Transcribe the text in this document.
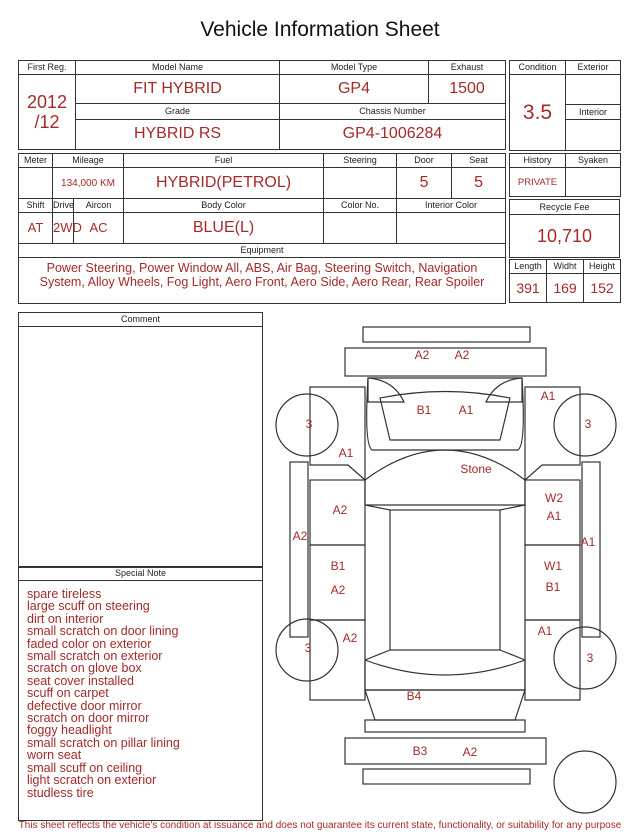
Vehicle Information Sheet
First Reg.	Model Name	Model Type	Exhaust

2012
/12	FIT HYBRID	GP4	1500
	Grade	Chassis Number	
	HYBRID RS	GP4-1006284	
Condition	Exterior
3.5	
	Interior

Meter	Mileage		Fuel	Steering	Door	Seat
	134,000 KM		HYBRID(PETROL)		5	5
Shift	Drive	Aircon	Body Color	Color No.	Interior Color	
AT	2WD	AC	BLUE(L)			
Equipment						
Power Steering, Power Window All, ABS, Air Bag, Steering Switch, Navigation System, Alloy Wheels, Fog Light, Aero Front, Aero Side, Aero Rear, Rear Spoiler						
History	Syaken
PRIVATE	
Recycle Fee
10,710
Length	Widht	Height
391	169	152
Comment
Special Note
spare tireless
large scuff on steering
dirt on interior
small scratch on door lining
faded color on exterior
small scratch on exterior
scratch on glove box
seat cover installed
scuff on carpet
defective door mirror
scratch on door mirror
foggy headlight
small scratch on pillar lining
worn seat
small scuff on ceiling
light scratch on exterior
studless tire
A2 A2
B1 A1
A1
3	3
A1
Stone
A2
W2
A1
A2	A1
B1
A2
W1
B1
A2	A1
3
3
B4
B3	A2
This sheet reflects the vehicle's condition at issuance and does not guarantee its current state, functionality, or suitability for any purpose
